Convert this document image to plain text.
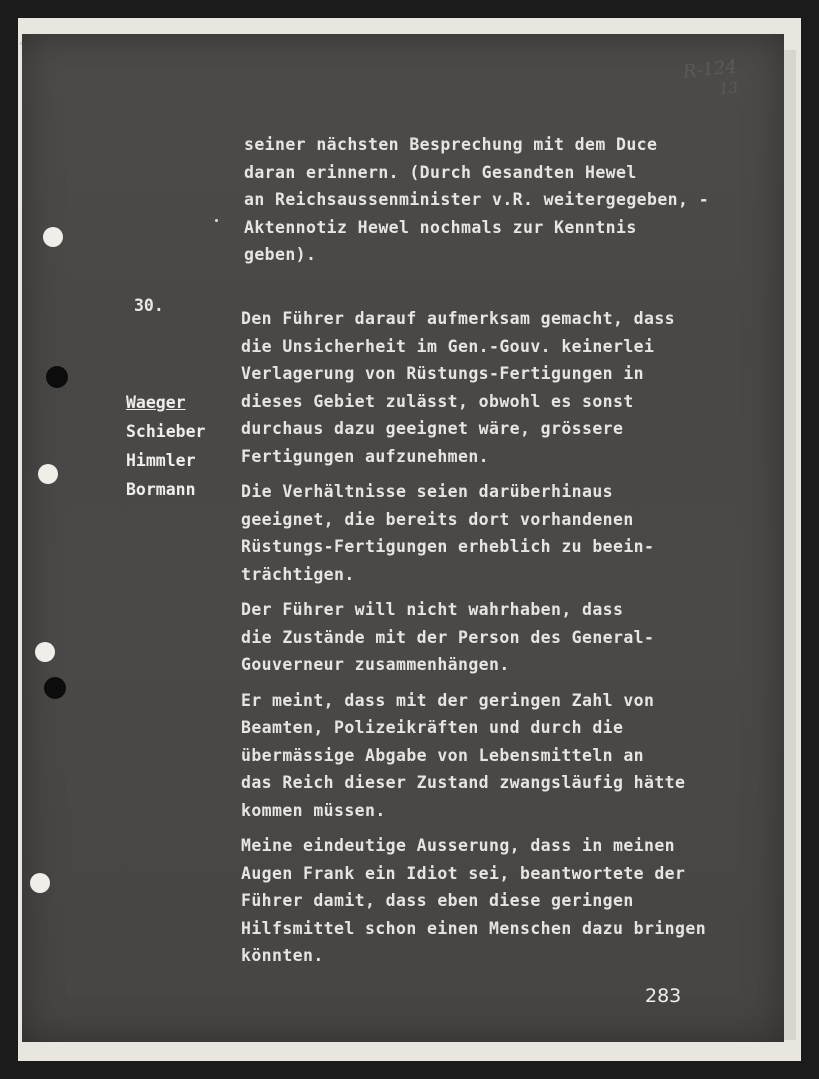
R-124
13
seiner nächsten Besprechung mit dem Duce
daran erinnern. (Durch Gesandten Hewel
an Reichsaussenminister v.R. weitergegeben, -
Aktennotiz Hewel nochmals zur Kenntnis
geben).
30.
Waeger
Schieber
Himmler
Bormann
Den Führer darauf aufmerksam gemacht, dass
die Unsicherheit im Gen.-Gouv. keinerlei
Verlagerung von Rüstungs-Fertigungen in
dieses Gebiet zulässt, obwohl es sonst
durchaus dazu geeignet wäre, grössere
Fertigungen aufzunehmen.
Die Verhältnisse seien darüberhinaus
geeignet, die bereits dort vorhandenen
Rüstungs-Fertigungen erheblich zu beein-
trächtigen.
Der Führer will nicht wahrhaben, dass
die Zustände mit der Person des General-
Gouverneur zusammenhängen.
Er meint, dass mit der geringen Zahl von
Beamten, Polizeikräften und durch die
übermässige Abgabe von Lebensmitteln an
das Reich dieser Zustand zwangsläufig hätte
kommen müssen.
Meine eindeutige Ausserung, dass in meinen
Augen Frank ein Idiot sei, beantwortete der
Führer damit, dass eben diese geringen
Hilfsmittel schon einen Menschen dazu bringen
könnten.
283
